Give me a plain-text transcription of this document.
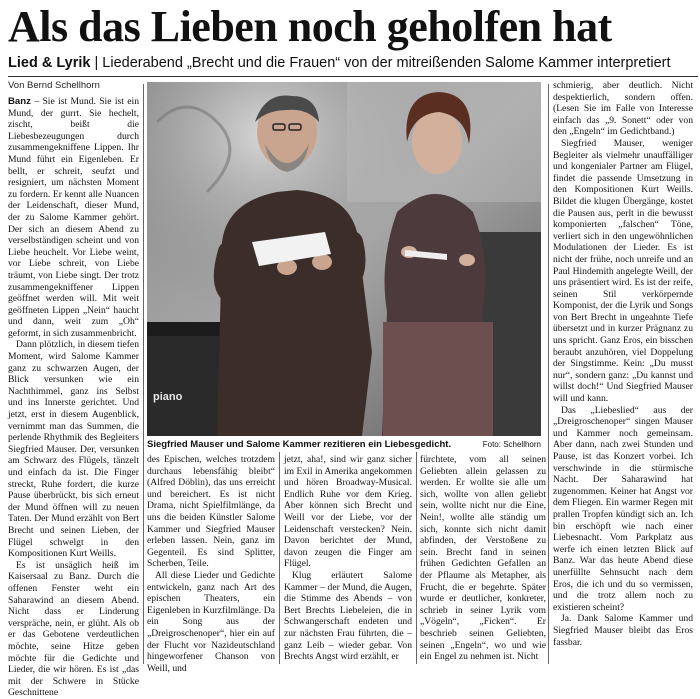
Als das Lieben noch geholfen hat
Lied & Lyrik | Liederabend „Brecht und die Frauen“ von der mitreißenden Salome Kammer interpretiert
Von Bernd Schellhorn

Banz – Sie ist Mund. Sie ist ein Mund, der gurrt. Sie hechelt, zischt, beißt die Liebesbezeugungen durch zusammengekniffene Lippen. Ihr Mund führt ein Eigenleben. Er bellt, er schreit, seufzt und resigniert, um nächsten Moment zu fordern. Er kennt alle Nuancen der Leidenschaft, dieser Mund, der zu Salome Kammer gehört. Der sich an diesem Abend zu verselbständigen scheint und von Liebe heuchelt. Vor Liebe weint, vor Liebe schreit, von Liebe träumt, von Liebe singt. Der trotz zusammengekniffener Lippen geöffnet werden will. Mit weit geöffneten Lippen „Nein“ haucht und dann, weit zum „Oh“ geformt, in sich zusammenbricht.

Dann plötzlich, in diesem tiefen Moment, wird Salome Kammer ganz zu schwarzen Augen, der Blick versunken wie ein Nachthimmel, ganz ins Selbst und ins Innerste gerichtet. Und jetzt, erst in diesem Augenblick, vernimmt man das Summen, die perlende Rhythmik des Begleiters Siegfried Mauser. Der, versunken am Schwarz des Flügels, tänzelt und einfach da ist. Die Finger streckt, Ruhe fordert, die kurze Pause überbrückt, bis sich erneut der Mund öffnen will zu neuen Taten. Der Mund erzählt von Bert Brecht und seinen Lieben, der Flügel schwelgt in den Kompositionen Kurt Weills.

Es ist unsäglich heiß im Kaisersaal zu Banz. Durch die offenen Fenster weht ein Saharawind an diesem Abend. Nicht dass er Linderung verspräche, nein, er glüht. Als ob er das Gebotene verdeutlichen möchte, seine Hitze geben möchte für die Gedichte und Lieder, die wir hören. Es ist „das mit der Schwere in Stücke Geschnittene

piano
Siegfried Mauser und Salome Kammer rezitieren ein Liebesgedicht.	Foto: Schellhorn

des Epischen, welches trotzdem durchaus lebensfähig bleibt“ (Alfred Döblin), das uns erreicht und bereichert. Es ist nicht Drama, nicht Spielfilmlänge, da uns die beiden Künstler Salome Kammer und Siegfried Mauser erleben lassen. Nein, ganz im Gegenteil. Es sind Splitter, Scherben, Teile.

All diese Lieder und Gedichte entwickeln, ganz nach Art des epischen Theaters, ein Eigenleben in Kurzfilmlänge. Da ein Song aus der „Dreigroschenoper“, hier ein auf der Flucht vor Nazideutschland hingeworfener Chanson von Weill, und

jetzt, aha!, sind wir ganz sicher im Exil in Amerika angekommen und hören Broadway-Musical. Endlich Ruhe vor dem Krieg. Aber können sich Brecht und Weill vor der Liebe, vor der Leidenschaft verstecken? Nein. Davon berichtet der Mund, davon zeugen die Finger am Flügel.

Klug erläutert Salome Kammer – der Mund, die Augen, die Stimme des Abends – von Bert Brechts Liebeleien, die in Schwangerschaft endeten und zur nächsten Frau führten, die – ganz Leib – wieder gebar. Von Brechts Angst wird erzählt, er

fürchtete, vom all seinen Geliebten allein gelassen zu werden. Er wollte sie alle um sich, wollte von allen geliebt sein, wollte nicht nur die Eine, Nein!, wollte alle ständig um sich, konnte sich nicht damit abfinden, der Verstoßene zu sein. Brecht fand in seinen frühen Gedichten Gefallen an der Pflaume als Metapher, als Frucht, die er begehrte. Später wurde er deutlicher, konkreter, schrieb in seiner Lyrik vom „Vögeln“, „Ficken“. Er beschrieb seinen Geliebten, seinen „Engeln“, wo und wie ein Engel zu nehmen ist. Nicht

schmierig, aber deutlich. Nicht despektierlich, sondern offen. (Lesen Sie im Falle von Interesse einfach das „9. Sonett“ oder von den „Engeln“ im Gedichtband.)

Siegfried Mauser, weniger Begleiter als vielmehr unauffälliger und kongenialer Partner am Flügel, findet die passende Umsetzung in den Kompositionen Kurt Weills. Bildet die klugen Übergänge, kostet die Pausen aus, perlt in die bewusst komponierten „falschen“ Töne, verliert sich in den ungewöhnlichen Modulationen der Lieder. Es ist nicht der frühe, noch unreife und an Paul Hindemith angelegte Weill, der uns präsentiert wird. Es ist der reife, seinen Stil verkörpernde Komponist, der die Lyrik und Songs von Bert Brecht in ungeahnte Tiefe übersetzt und in kurzer Prägnanz zu uns spricht. Ganz Eros, ein bisschen beraubt anzuhören, viel Doppelung der Singstimme. Kein: „Du musst nur“, sondern ganz: „Du kannst und willst doch!“ Und Siegfried Mauser will und kann.

Das „Liebeslied“ aus der „Dreigroschenoper“ singen Mauser und Kammer noch gemeinsam. Aber dann, nach zwei Stunden und Pause, ist das Konzert vorbei. Ich verschwinde in die stürmische Nacht. Der Saharawind hat zugenommen. Keiner hat Angst vor dem Fliegen. Ein warmer Regen mit prallen Tropfen kündigt sich an. Ich bin erschöpft wie nach einer Liebesnacht. Vom Parkplatz aus werfe ich einen letzten Blick auf Banz. War das heute Abend diese unerfüllte Sehnsucht nach dem Eros, die ich und du so vermissen, und die trotz allem noch zu existieren scheint?

Ja. Dank Salome Kammer und Siegfried Mauser bleibt das Eros fassbar.
